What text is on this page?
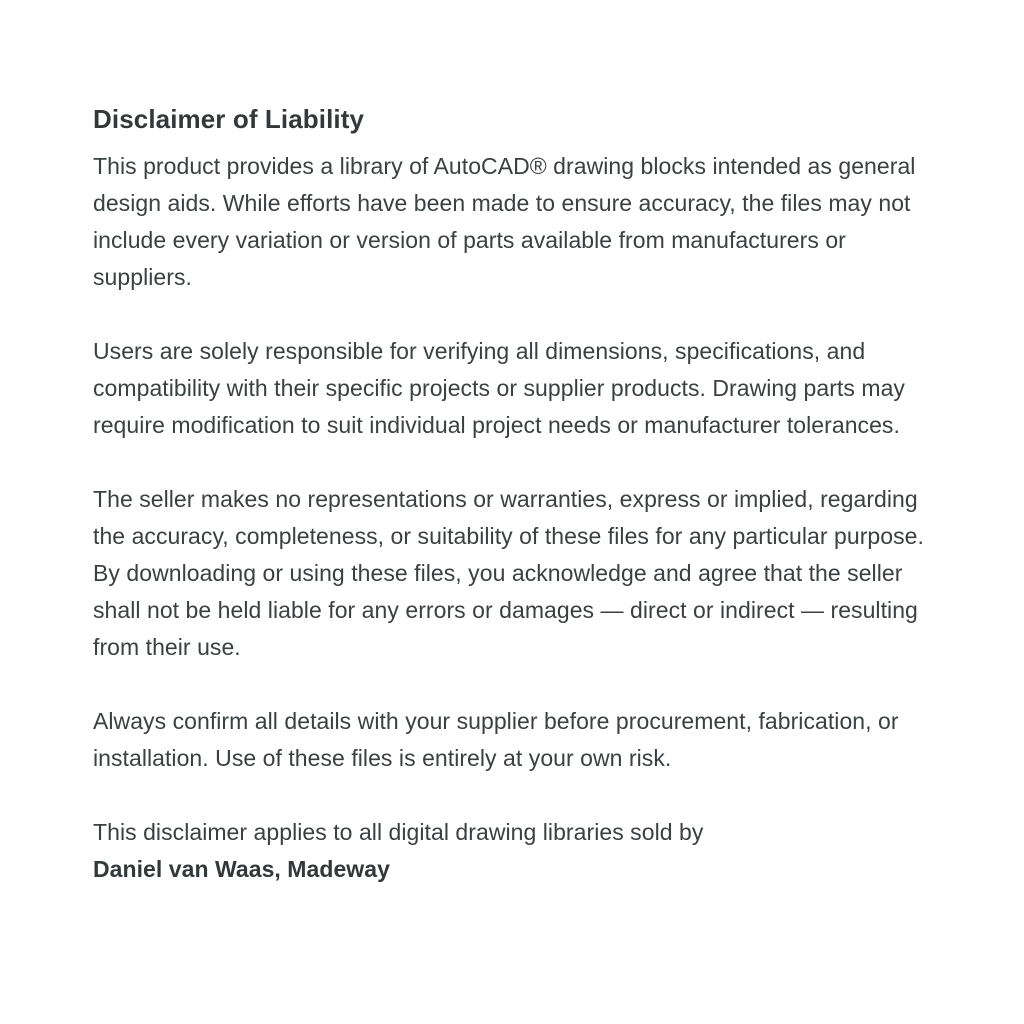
Disclaimer of Liability

This product provides a library of AutoCAD® drawing blocks intended as general design aids. While efforts have been made to ensure accuracy, the files may not include every variation or version of parts available from manufacturers or suppliers.

Users are solely responsible for verifying all dimensions, specifications, and compatibility with their specific projects or supplier products. Drawing parts may require modification to suit individual project needs or manufacturer tolerances.

The seller makes no representations or warranties, express or implied, regarding the accuracy, completeness, or suitability of these files for any particular purpose. By downloading or using these files, you acknowledge and agree that the seller shall not be held liable for any errors or damages — direct or indirect — resulting from their use.

Always confirm all details with your supplier before procurement, fabrication, or installation. Use of these files is entirely at your own risk.

This disclaimer applies to all digital drawing libraries sold by
Daniel van Waas, Madeway
